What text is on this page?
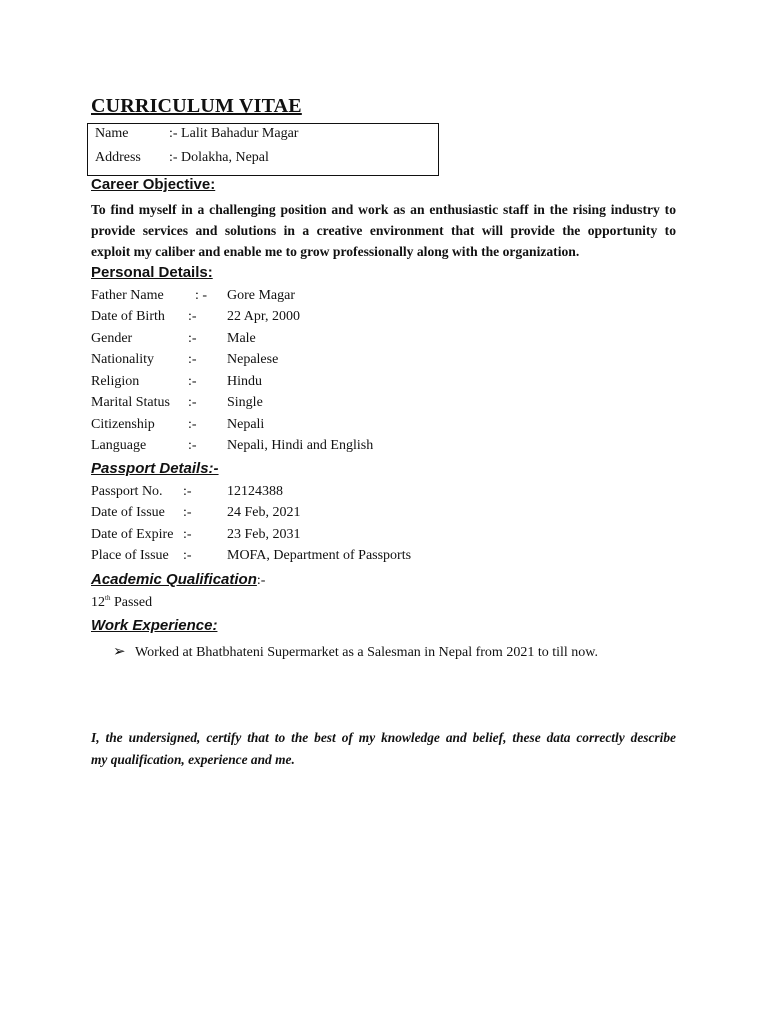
CURRICULUM VITAE
Name	:- Lalit Bahadur Magar
Address :- Dolakha, Nepal
Career Objective:
To find myself in a challenging position and work as an enthusiastic staff in the rising industry to
provide services and solutions in a creative environment that will provide the opportunity to
exploit my caliber and enable me to grow professionally along with the organization.
Personal Details:
Father Name : - Gore Magar
Date of Birth :- 22 Apr, 2000
Gender	:- Male
Nationality :- Nepalese
Religion	:- Hindu
Marital Status :- Single
Citizenship :- Nepali
Language	:- Nepali, Hindi and English
Passport Details:-
Passport No. :-	12124388
Date of Issue :-	24 Feb, 2021
Date of Expire :-	23 Feb, 2031
Place of Issue :-	MOFA, Department of Passports
Academic Qualification:-
12th Passed
Work Experience:
➢ Worked at Bhatbhateni Supermarket as a Salesman in Nepal from 2021 to till now.
I, the undersigned, certify that to the best of my knowledge and belief, these data correctly describe
my qualification, experience and me.
